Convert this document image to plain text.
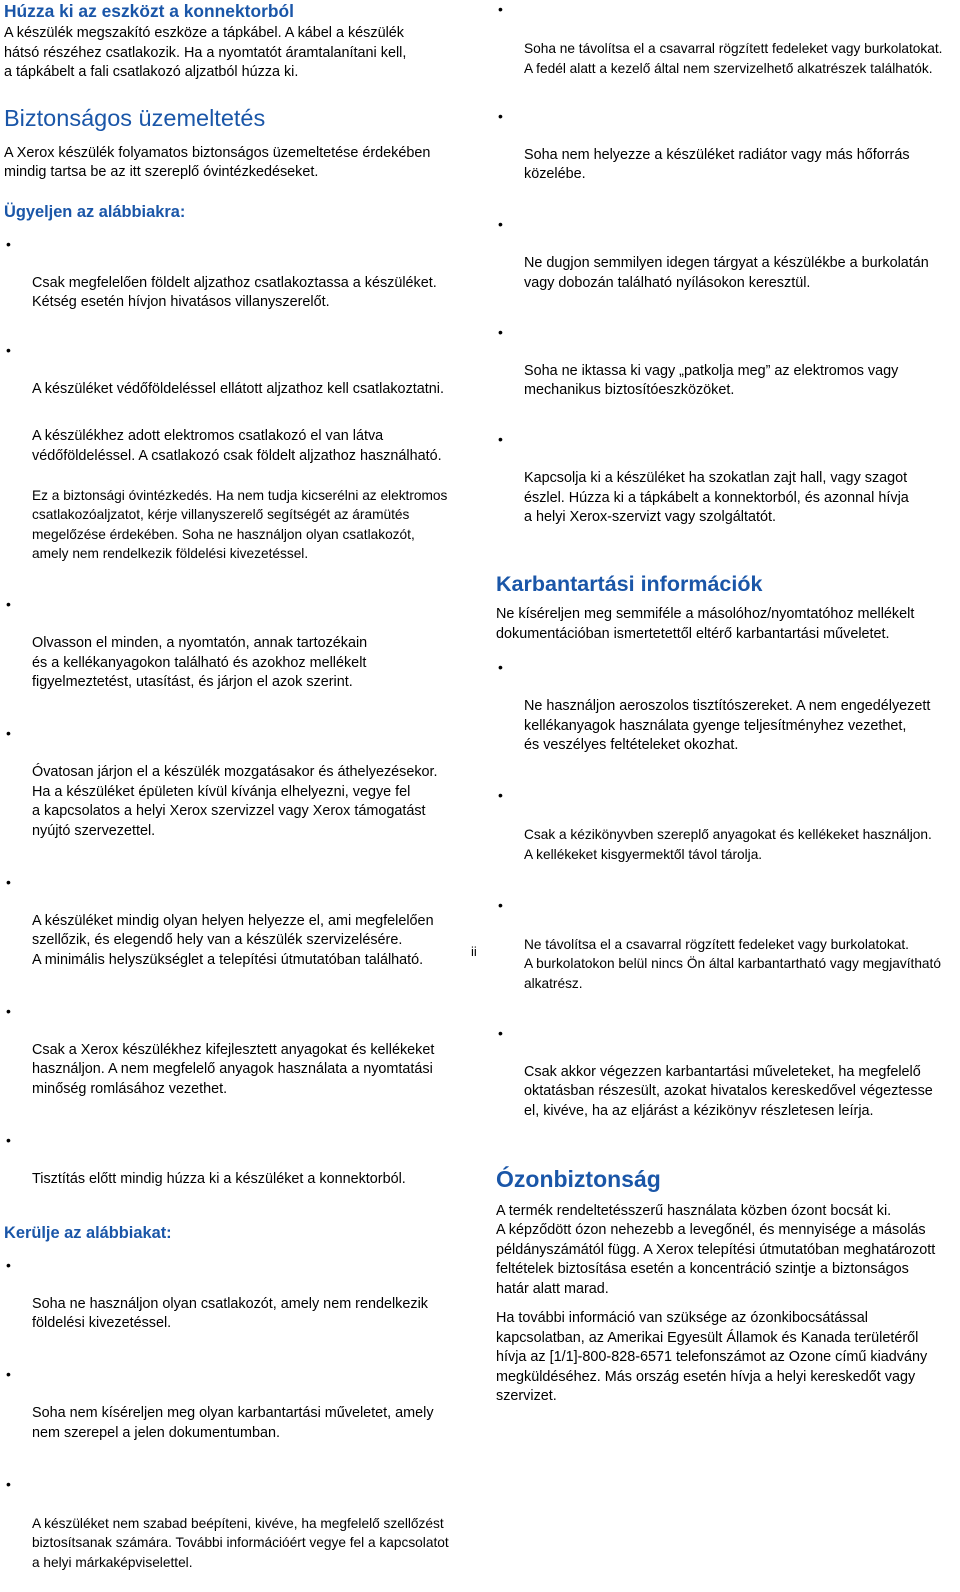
Húzza ki az eszközt a konnektorból
A készülék megszakító eszköze a tápkábel. A kábel a készülék
hátsó részéhez csatlakozik. Ha a nyomtatót áramtalanítani kell,
a tápkábelt a fali csatlakozó aljzatból húzza ki.
Biztonságos üzemeltetés
A Xerox készülék folyamatos biztonságos üzemeltetése érdekében
mindig tartsa be az itt szereplő óvintézkedéseket.
Ügyeljen az alábbiakra:

•

Csak megfelelően földelt aljzathoz csatlakoztassa a készüléket.
Kétség esetén hívjon hivatásos villanyszerelőt.

•

A készüléket védőföldeléssel ellátott aljzathoz kell csatlakoztatni.

A készülékhez adott elektromos csatlakozó el van látva
védőföldeléssel. A csatlakozó csak földelt aljzathoz használható.

Ez a biztonsági óvintézkedés. Ha nem tudja kicserélni az elektromos
csatlakozóaljzatot, kérje villanyszerelő segítségét az áramütés
megelőzése érdekében. Soha ne használjon olyan csatlakozót,
amely nem rendelkezik földelési kivezetéssel.

•

Olvasson el minden, a nyomtatón, annak tartozékain
és a kellékanyagokon található és azokhoz mellékelt
figyelmeztetést, utasítást, és járjon el azok szerint.

•

Óvatosan járjon el a készülék mozgatásakor és áthelyezésekor.
Ha a készüléket épületen kívül kívánja elhelyezni, vegye fel
a kapcsolatos a helyi Xerox szervizzel vagy Xerox támogatást
nyújtó szervezettel.

•

A készüléket mindig olyan helyen helyezze el, ami megfelelően
szellőzik, és elegendő hely van a készülék szervizelésére.
A minimális helyszükséglet a telepítési útmutatóban található.

•

Csak a Xerox készülékhez kifejlesztett anyagokat és kellékeket
használjon. A nem megfelelő anyagok használata a nyomtatási
minőség romlásához vezethet.

•

Tisztítás előtt mindig húzza ki a készüléket a konnektorból.

Kerülje az alábbiakat:

•

Soha ne használjon olyan csatlakozót, amely nem rendelkezik
földelési kivezetéssel.

•

Soha nem kísérelјen meg olyan karbantartási műveletet, amely
nem szerepel a jelen dokumentumban.

•

A készüléket nem szabad beépíteni, kivéve, ha megfelelő szellőzést
biztosítsanak számára. További információért vegye fel a kapcsolatot
a helyi márkaképviselettel.

•

Soha ne távolítsa el a csavarral rögzített fedeleket vagy burkolatokat.
A fedél alatt a kezelő által nem szervizelhető alkatrészek találhatók.

•

Soha nem helyezze a készüléket radiátor vagy más hőforrás
közelébe.

•

Ne dugjon semmilyen idegen tárgyat a készülékbe a burkolatán
vagy dobozán található nyílásokon keresztül.

•

Soha ne iktassa ki vagy „patkolja meg” az elektromos vagy
mechanikus biztosítóeszközöket.

•

Kapcsolja ki a készüléket ha szokatlan zajt hall, vagy szagot
észlel. Húzza ki a tápkábelt a konnektorból, és azonnal hívja
a helyi Xerox-szervizt vagy szolgáltatót.

Karbantartási információk
Ne kísérelјen meg semmiféle a másolóhoz/nyomtatóhoz mellékelt
dokumentációban ismertetettől eltérő karbantartási műveletet.

•

Ne használjon aeroszolos tisztítószereket. A nem engedélyezett
kellékanyagok használata gyenge teljesítményhez vezethet,
és veszélyes feltételeket okozhat.

•

Csak a kézikönyvben szereplő anyagokat és kellékeket használjon.
A kellékeket kisgyermektől távol tárolja.

•

Ne távolítsa el a csavarral rögzített fedeleket vagy burkolatokat.
A burkolatokon belül nincs Ön által karbantartható vagy megjavítható
alkatrész.

•

Csak akkor végezzen karbantartási műveleteket, ha megfelelő
oktatásban részesült, azokat hivatalos kereskedővel végeztesse
el, kivéve, ha az eljárást a kézikönyv részletesen leírja.

Ózonbiztonság
A termék rendeltetésszerű használata közben ózont bocsát ki.
A képződött ózon nehezebb a levegőnél, és mennyisége a másolás
példányszámától függ. A Xerox telepítési útmutatóban meghatározott
feltételek biztosítása esetén a koncentráció szintje a biztonságos
határ alatt marad.
Ha további információ van szüksége az ózonkibocsátással
kapcsolatban, az Amerikai Egyesült Államok és Kanada területéről
hívja az [1/1]-800-828-6571 telefonszámot az Ozone című kiadvány
megküldéséhez. Más ország esetén hívja a helyi kereskedőt vagy
szervizet.
ii
